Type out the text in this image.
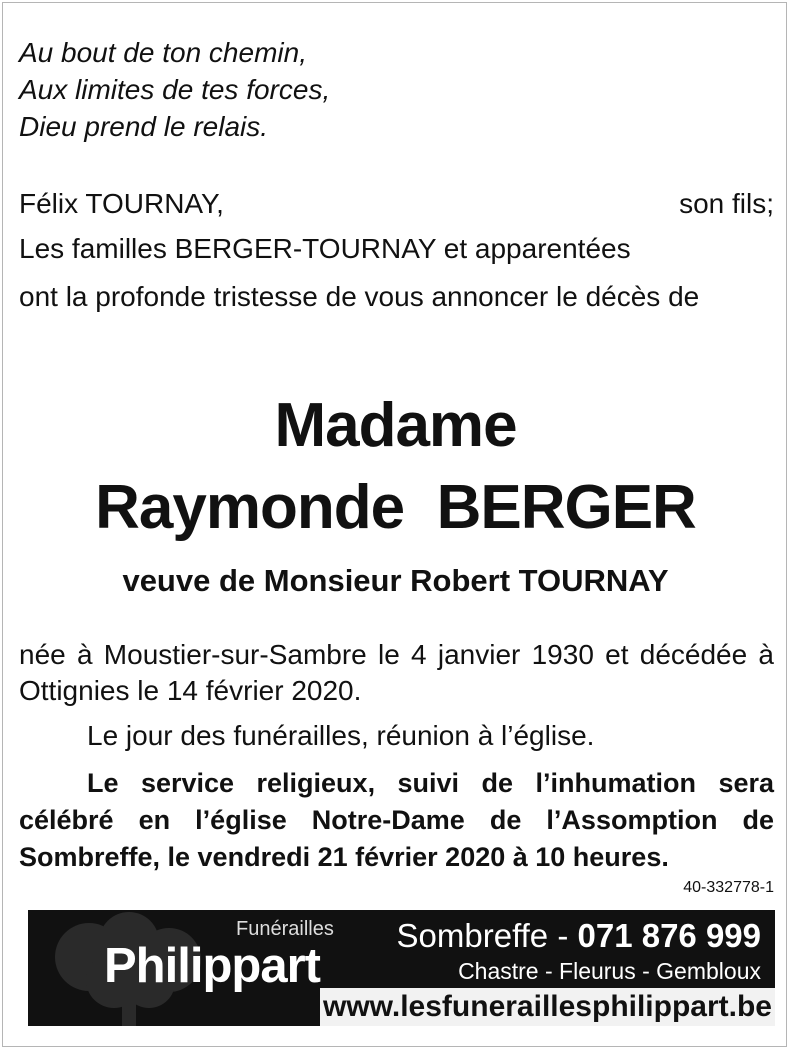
Au bout de ton chemin,
Aux limites de tes forces,
Dieu prend le relais.
Félix TOURNAY,	son fils;
Les familles BERGER-TOURNAY et apparentées
ont la profonde tristesse de vous annoncer le décès de
Madame
Raymonde  BERGER
veuve de Monsieur Robert TOURNAY
née à Moustier-sur-Sambre le 4 janvier 1930 et décédée à Ottignies le 14 février 2020.
Le jour des funérailles, réunion à l’église.
Le service religieux, suivi de l’inhumation sera célébré en l’église Notre-Dame de l’Assomption de Sombreffe, le vendredi 21 février 2020 à 10 heures.
40-332778-1
Funérailles
Philippart
Sombreffe - 071 876 999
Chastre - Fleurus - Gembloux
www.lesfuneraillesphilippart.be
